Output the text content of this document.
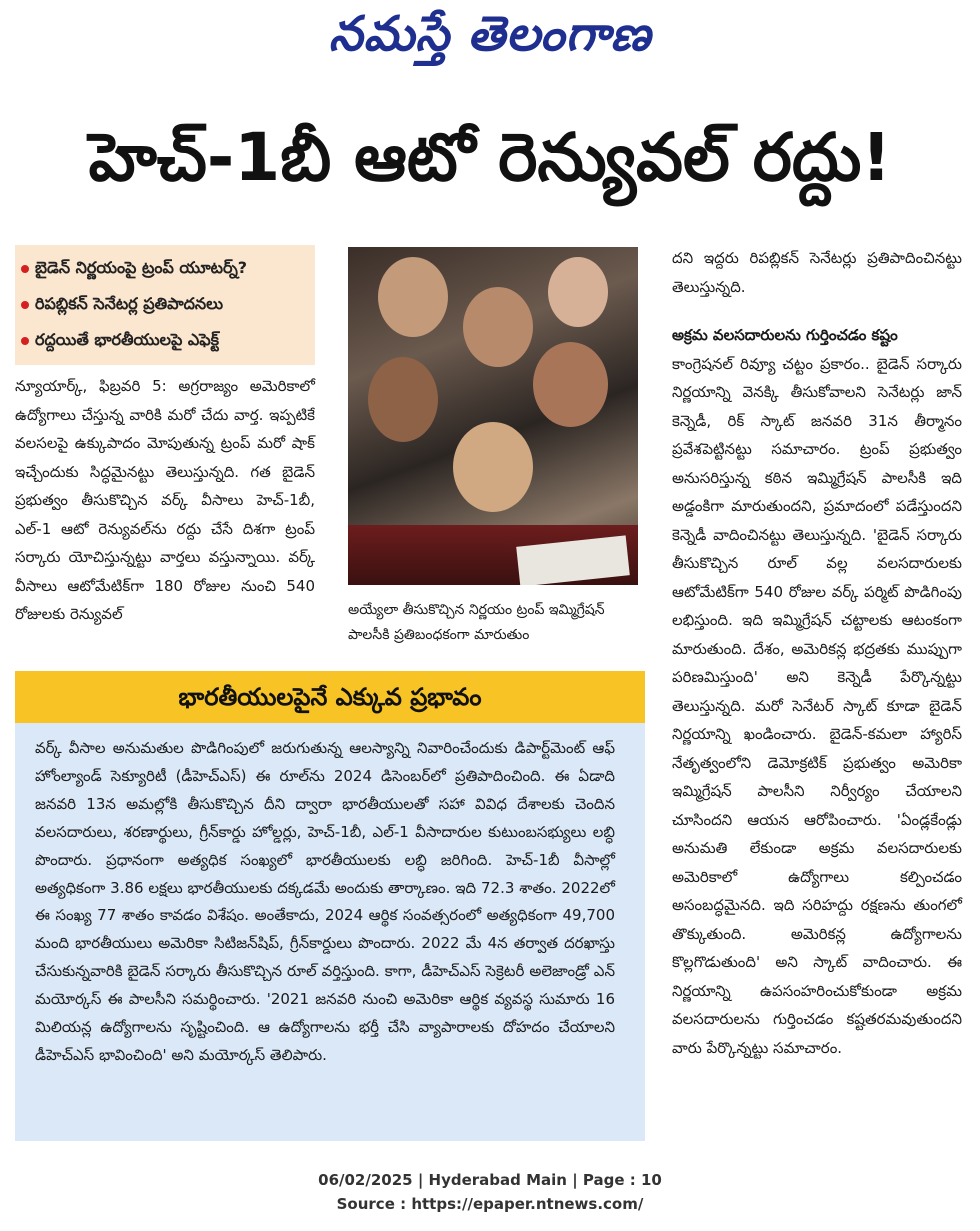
నమస్తే తెలంగాణ
హెచ్-1బీ ఆటో రెన్యువల్ రద్దు!
బైడెన్ నిర్ణయంపై ట్రంప్ యూటర్న్?
రిపబ్లికన్ సెనేటర్ల ప్రతిపాదనలు
రద్దయితే భారతీయులపై ఎఫెక్ట్
న్యూయార్క్, ఫిబ్రవరి 5: అగ్రరాజ్యం అమెరికాలో ఉద్యోగాలు చేస్తున్న వారికి మరో చేదు వార్త. ఇప్పటికే వలసలపై ఉక్కుపాదం మోపుతున్న ట్రంప్ మరో షాక్ ఇచ్చేందుకు సిద్ధమైనట్టు తెలుస్తున్నది. గత బైడెన్ ప్రభుత్వం తీసుకొచ్చిన వర్క్ వీసాలు హెచ్-1బీ, ఎల్-1 ఆటో రెన్యువల్‌ను రద్దు చేసే దిశగా ట్రంప్ సర్కారు యోచిస్తున్నట్టు వార్తలు వస్తున్నాయి. వర్క్ వీసాలు ఆటోమేటిక్‌గా 180 రోజుల నుంచి 540 రోజులకు రెన్యువల్	అయ్యేలా తీసుకొచ్చిన నిర్ణయం ట్రంప్ ఇమ్మిగ్రేషన్ పాలసీకి ప్రతిబంధకంగా మారుతుం
దని ఇద్దరు రిపబ్లికన్ సెనేటర్లు ప్రతిపాదించినట్టు తెలుస్తున్నది.
అక్రమ వలసదారులను గుర్తించడం కష్టం
కాంగ్రెషనల్ రివ్యూ చట్టం ప్రకారం.. బైడెన్ సర్కారు నిర్ణయాన్ని వెనక్కి తీసుకోవాలని సెనేటర్లు జాన్ కెన్నెడీ, రిక్ స్కాట్ జనవరి 31న తీర్మానం ప్రవేశపెట్టినట్టు సమాచారం. ట్రంప్ ప్రభుత్వం అనుసరిస్తున్న కఠిన ఇమ్మిగ్రేషన్ పాలసీకి ఇది అడ్డంకిగా మారుతుందని, ప్రమాదంలో పడేస్తుందని కెన్నెడీ వాదించినట్టు తెలుస్తున్నది. 'బైడెన్ సర్కారు తీసుకొచ్చిన రూల్ వల్ల వలసదారులకు ఆటోమేటిక్‌గా 540 రోజుల వర్క్ పర్మిట్ పొడిగింపు లభిస్తుంది. ఇది ఇమ్మిగ్రేషన్ చట్టాలకు ఆటంకంగా మారుతుంది. దేశం, అమెరికన్ల భద్రతకు ముప్పుగా పరిణమిస్తుంది' అని కెన్నెడీ పేర్కొన్నట్టు తెలుస్తున్నది. మరో సెనేటర్ స్కాట్ కూడా బైడెన్ నిర్ణయాన్ని ఖండించారు. బైడెన్-కమలా హ్యారిస్ నేతృత్వంలోని డెమోక్రటిక్ ప్రభుత్వం అమెరికా ఇమ్మిగ్రేషన్ పాలసీని నిర్వీర్యం చేయాలని చూసిందని ఆయన ఆరోపించారు. 'ఏండ్లకేండ్లు అనుమతి లేకుండా అక్రమ వలసదారులకు అమెరికాలో ఉద్యోగాలు కల్పించడం అసంబద్ధమైనది. ఇది సరిహద్దు రక్షణను తుంగలో తొక్కుతుంది. అమెరికన్ల ఉద్యోగాలను కొల్లగొడుతుంది' అని స్కాట్ వాదించారు. ఈ నిర్ణయాన్ని ఉపసంహరించుకోకుండా అక్రమ వలసదారులను గుర్తించడం కష్టతరమవుతుందని వారు పేర్కొన్నట్టు సమాచారం.
భారతీయులపైనే ఎక్కువ ప్రభావం
వర్క్ వీసాల అనుమతుల పొడిగింపులో జరుగుతున్న ఆలస్యాన్ని నివారించేందుకు డిపార్ట్‌మెంట్ ఆఫ్ హోంల్యాండ్ సెక్యూరిటీ (డీహెచ్‌ఎస్) ఈ రూల్‌ను 2024 డిసెంబర్‌లో ప్రతిపాదించింది. ఈ ఏడాది జనవరి 13న అమల్లోకి తీసుకొచ్చిన దీని ద్వారా భారతీయులతో సహా వివిధ దేశాలకు చెందిన వలసదారులు, శరణార్థులు, గ్రీన్‌కార్డు హోల్డర్లు, హెచ్-1బీ, ఎల్-1 వీసాదారుల కుటుంబసభ్యులు లబ్ధి పొందారు. ప్రధానంగా అత్యధిక సంఖ్యలో భారతీయులకు లబ్ధి జరిగింది. హెచ్-1బీ వీసాల్లో అత్యధికంగా 3.86 లక్షలు భారతీయులకు దక్కడమే అందుకు తార్కాణం. ఇది 72.3 శాతం. 2022లో ఈ సంఖ్య 77 శాతం కావడం విశేషం. అంతేకాదు, 2024 ఆర్థిక సంవత్సరంలో అత్యధికంగా 49,700 మంది భారతీయులు అమెరికా సిటిజన్‌షిప్, గ్రీన్‌కార్డులు పొందారు. 2022 మే 4న తర్వాత దరఖాస్తు చేసుకున్నవారికి బైడెన్ సర్కారు తీసుకొచ్చిన రూల్ వర్తిస్తుంది. కాగా, డీహెచ్‌ఎస్ సెక్రెటరీ అలెజాండ్రో ఎన్ మయోర్కస్ ఈ పాలసీని సమర్థించారు. '2021 జనవరి నుంచి అమెరికా ఆర్థిక వ్యవస్థ సుమారు 16 మిలియన్ల ఉద్యోగాలను సృష్టించింది. ఆ ఉద్యోగాలను భర్తీ చేసి వ్యాపారాలకు దోహదం చేయాలని డీహెచ్‌ఎస్ భావించింది' అని మయోర్కస్ తెలిపారు.
06/02/2025 | Hyderabad Main | Page : 10
Source : https://epaper.ntnews.com/
